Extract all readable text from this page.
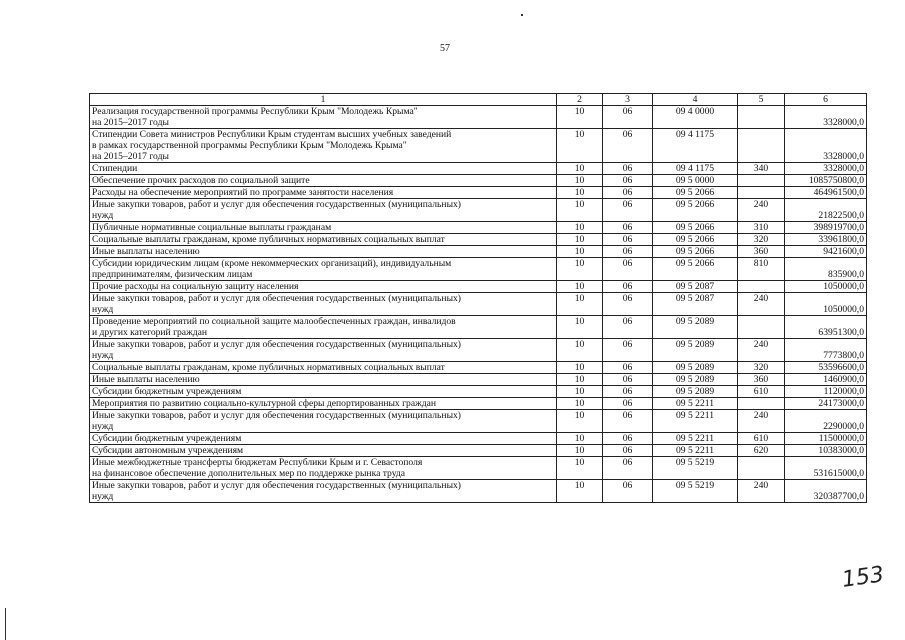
57
1	2	3	4	5	6
Реализация государственной программы Республики Крым "Молодежь Крыма"
на 2015–2017 годы	10	06	09 4 0000		3328000,0
Стипендии Совета министров Республики Крым студентам высших учебных заведений
в рамках государственной программы Республики Крым "Молодежь Крыма"
на 2015–2017 годы	10	06	09 4 1175		3328000,0
Стипендии	10	06	09 4 1175	340	3328000,0
Обеспечение прочих расходов по социальной защите	10	06	09 5 0000		1085750800,0
Расходы на обеспечение мероприятий по программе занятости населения	10	06	09 5 2066		464961500,0
Иные закупки товаров, работ и услуг для обеспечения государственных (муниципальных)
нужд	10	06	09 5 2066	240	21822500,0
Публичные нормативные социальные выплаты гражданам	10	06	09 5 2066	310	398919700,0
Социальные выплаты гражданам, кроме публичных нормативных социальных выплат	10	06	09 5 2066	320	33961800,0
Иные выплаты населению	10	06	09 5 2066	360	9421600,0
Субсидии юридическим лицам (кроме некоммерческих организаций), индивидуальным
предпринимателям, физическим лицам	10	06	09 5 2066	810	835900,0
Прочие расходы на социальную защиту населения	10	06	09 5 2087		1050000,0
Иные закупки товаров, работ и услуг для обеспечения государственных (муниципальных)
нужд	10	06	09 5 2087	240	1050000,0
Проведение мероприятий по социальной защите малообеспеченных граждан, инвалидов
и других категорий граждан	10	06	09 5 2089		63951300,0
Иные закупки товаров, работ и услуг для обеспечения государственных (муниципальных)
нужд	10	06	09 5 2089	240	7773800,0
Социальные выплаты гражданам, кроме публичных нормативных социальных выплат	10	06	09 5 2089	320	53596600,0
Иные выплаты населению	10	06	09 5 2089	360	1460900,0
Субсидии бюджетным учреждениям	10	06	09 5 2089	610	1120000,0
Мероприятия по развитию социально-культурной сферы депортированных граждан	10	06	09 5 2211		24173000,0
Иные закупки товаров, работ и услуг для обеспечения государственных (муниципальных)
нужд	10	06	09 5 2211	240	2290000,0
Субсидии бюджетным учреждениям	10	06	09 5 2211	610	11500000,0
Субсидии автономным учреждениям	10	06	09 5 2211	620	10383000,0
Иные межбюджетные трансферты бюджетам Республики Крым и г. Севастополя
на финансовое обеспечение дополнительных мер по поддержке рынка труда	10	06	09 5 5219		531615000,0
Иные закупки товаров, работ и услуг для обеспечения государственных (муниципальных)
нужд	10	06	09 5 5219	240	320387700,0
153
